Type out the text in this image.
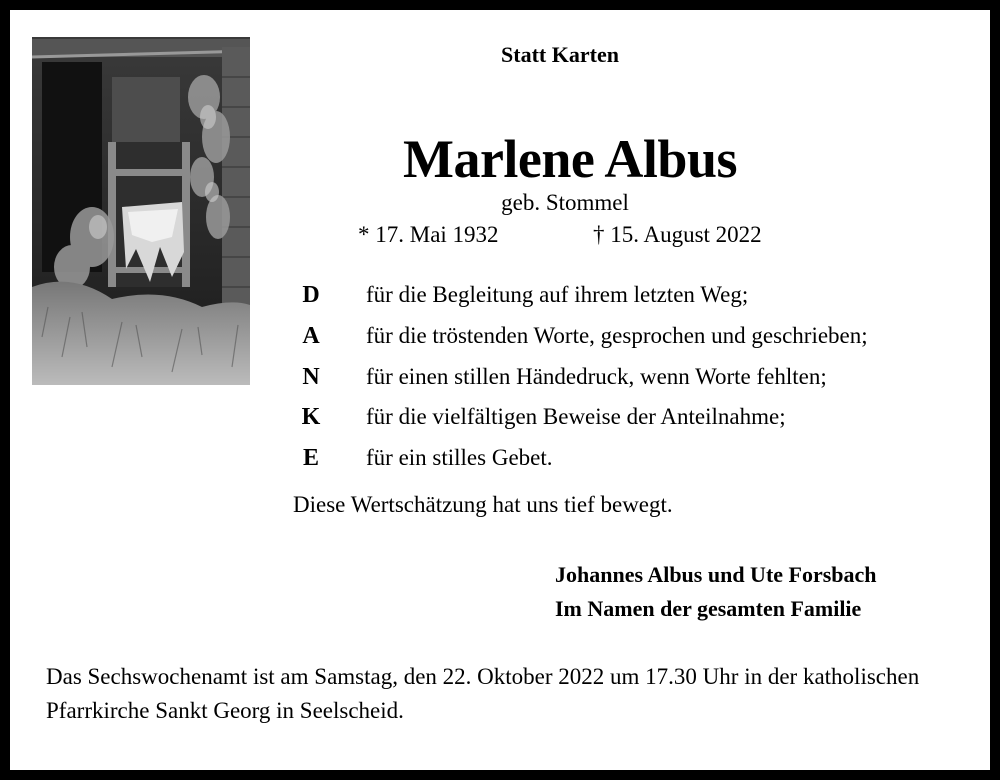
Statt Karten
Marlene Albus
geb. Stommel
* 17. Mai 1932	† 15. August 2022
D für die Begleitung auf ihrem letzten Weg;
A für die tröstenden Worte, gesprochen und geschrieben;
N für einen stillen Händedruck, wenn Worte fehlten;
K für die vielfältigen Beweise der Anteilnahme;
E für ein stilles Gebet.
Diese Wertschätzung hat uns tief bewegt.
Johannes Albus und Ute Forsbach
Im Namen der gesamten Familie
Das Sechswochenamt ist am Samstag, den 22. Oktober 2022 um 17.30 Uhr in der katholischen Pfarrkirche Sankt Georg in Seelscheid.
